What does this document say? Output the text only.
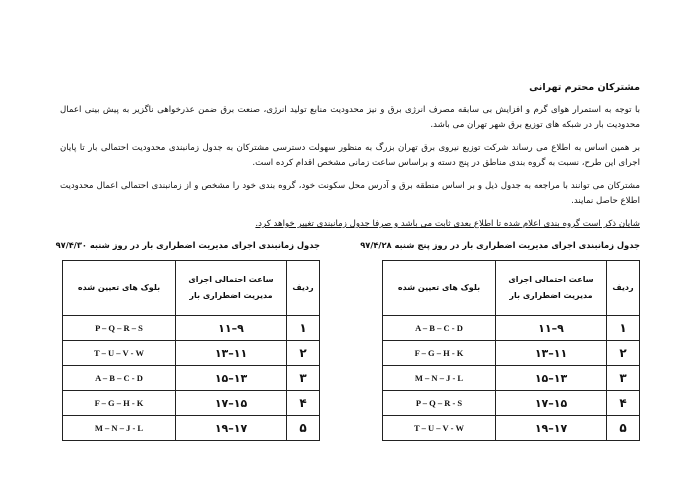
مشترکان محترم تهرانی

با توجه به استمرار هوای گرم و افزایش بی سابقه مصرف انرژی برق و نیز محدودیت منابع تولید انرژی، صنعت برق ضمن عذرخواهی ناگزیر به پیش بینی اعمال محدودیت بار در شبکه های توزیع برق شهر تهران می باشد.

بر همین اساس به اطلاع می رساند شرکت توزیع نیروی برق تهران بزرگ به منظور سهولت دسترسی مشترکان به جدول زمانبندی محدودیت احتمالی بار تا پایان اجرای این طرح، نسبت به گروه بندی مناطق در پنج دسته و براساس ساعت زمانی مشخص اقدام کرده است.

مشترکان می توانند با مراجعه به جدول ذیل و بر اساس منطقه برق و آدرس محل سکونت خود، گروه بندی خود را مشخص و از زمانبندی احتمالی اعمال محدودیت اطلاع حاصل نمایند.

شایان ذکر است گروه بندی اعلام شده تا اطلاع بعدی ثابت می باشد و صرفا جدول زمانبندی تغییر خواهد کرد.

جدول زمانبندی اجرای مدیریت اضطراری بار در روز پنج شنبه ۹۷/۴/۲۸
ردیف	ساعت احتمالی اجرای مدیریت اضطراری بار	بلوک های تعیین شده
۱	۹–۱۱	A – B – C - D
۲	۱۱–۱۳	F – G – H - K
۳	۱۳–۱۵	M – N – J - L
۴	۱۵–۱۷	P – Q – R - S
۵	۱۷–۱۹	T – U – V - W
جدول زمانبندی اجرای مدیریت اضطراری بار در روز شنبه ۹۷/۴/۳۰
ردیف	ساعت احتمالی اجرای مدیریت اضطراری بار	بلوک های تعیین شده
۱	۹–۱۱	P – Q – R – S
۲	۱۱–۱۳	T – U – V - W
۳	۱۳–۱۵	A – B – C - D
۴	۱۵–۱۷	F – G – H - K
۵	۱۷–۱۹	M – N – J - L
